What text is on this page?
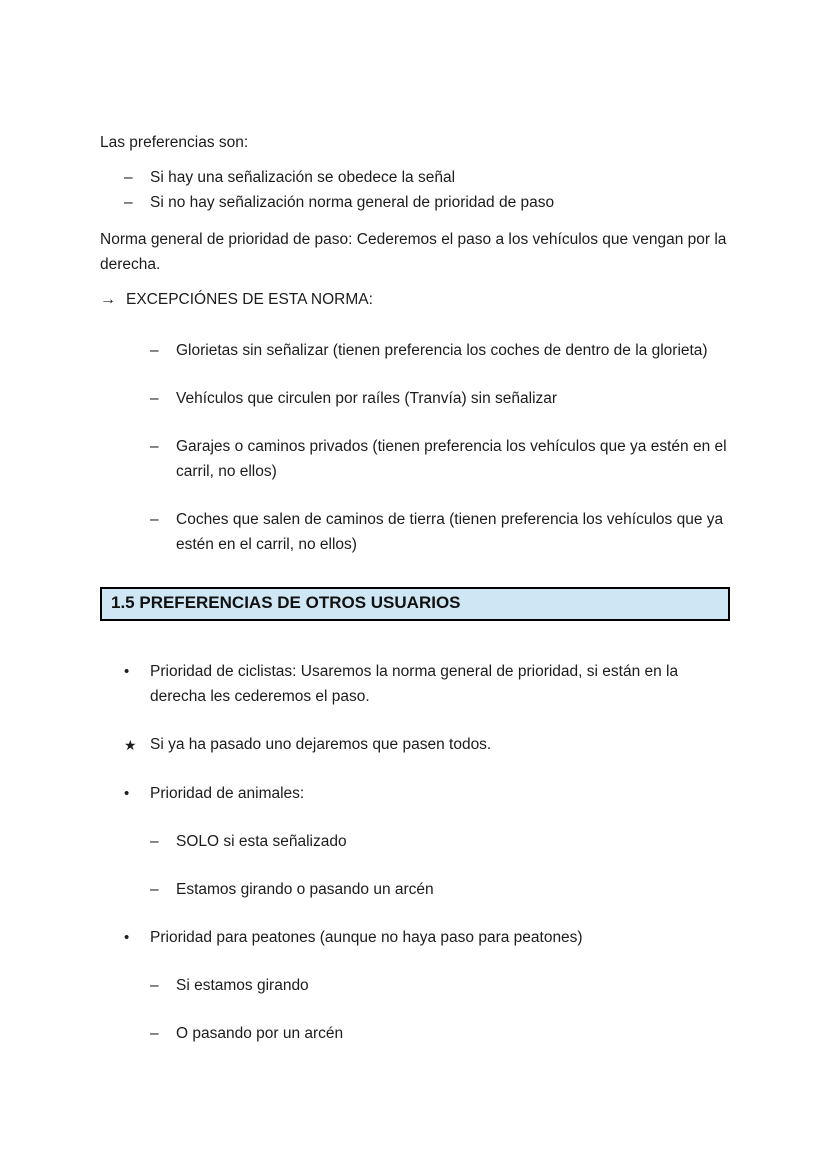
Las preferencias son:

–	Si hay una señalización se obedece la señal
–	Si no hay señalización norma general de prioridad de paso

Norma general de prioridad de paso: Cederemos el paso a los vehículos que vengan por la derecha.

→ EXCEPCIÓNES DE ESTA NORMA:
–	Glorietas sin señalizar (tienen preferencia los coches de dentro de la glorieta)
–	Vehículos que circulen por raíles (Tranvía) sin señalizar
–	Garajes o caminos privados (tienen preferencia los vehículos que ya estén en el carril, no ellos)
–	Coches que salen de caminos de tierra (tienen preferencia los vehículos que ya estén en el carril, no ellos)
1.5 PREFERENCIAS DE OTROS USUARIOS
•	Prioridad de ciclistas: Usaremos la norma general de prioridad, si están en la derecha les cederemos el paso.
★ Si ya ha pasado uno dejaremos que pasen todos.
•	Prioridad de animales:
–	SOLO si esta señalizado
–	Estamos girando o pasando un arcén
•	Prioridad para peatones (aunque no haya paso para peatones)
–	Si estamos girando
–	O pasando por un arcén
